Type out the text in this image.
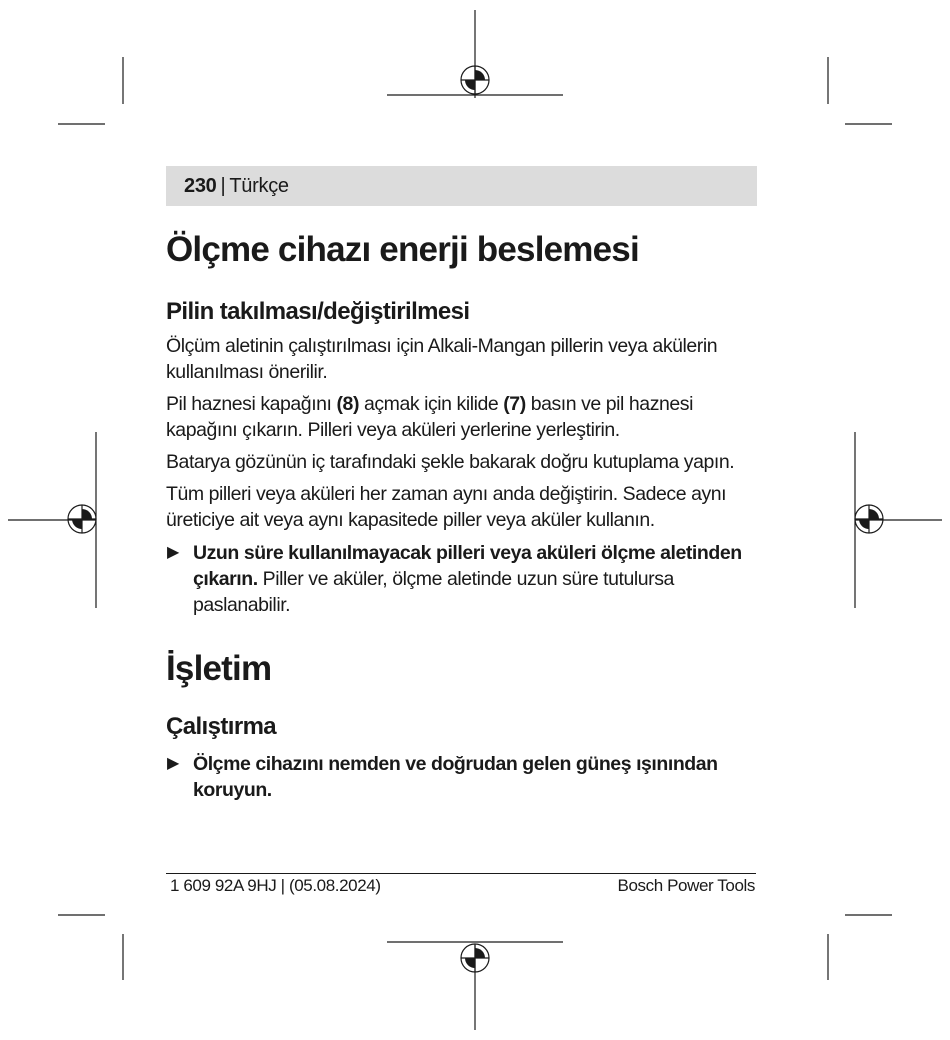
230 | Türkçe
Ölçme cihazı enerji beslemesi
Pilin takılması/değiştirilmesi

Ölçüm aletinin çalıştırılması için Alkali-Mangan pillerin veya akülerin kullanılması önerilir.

Pil haznesi kapağını (8) açmak için kilide (7) basın ve pil haznesi kapağını çıkarın. Pilleri veya aküleri yerlerine yerleştirin.

Batarya gözünün iç tarafındaki şekle bakarak doğru kutuplama yapın.

Tüm pilleri veya aküleri her zaman aynı anda değiştirin. Sadece aynı üreticiye ait veya aynı kapasitede piller veya aküler kullanın.

▶ Uzun süre kullanılmayacak pilleri veya aküleri ölçme aletinden çıkarın. Piller ve aküler, ölçme aletinde uzun süre tutulursa paslanabilir.
İşletim
Çalıştırma
▶ Ölçme cihazını nemden ve doğrudan gelen güneş ışınından koruyun.
1 609 92A 9HJ | (05.08.2024)	Bosch Power Tools
